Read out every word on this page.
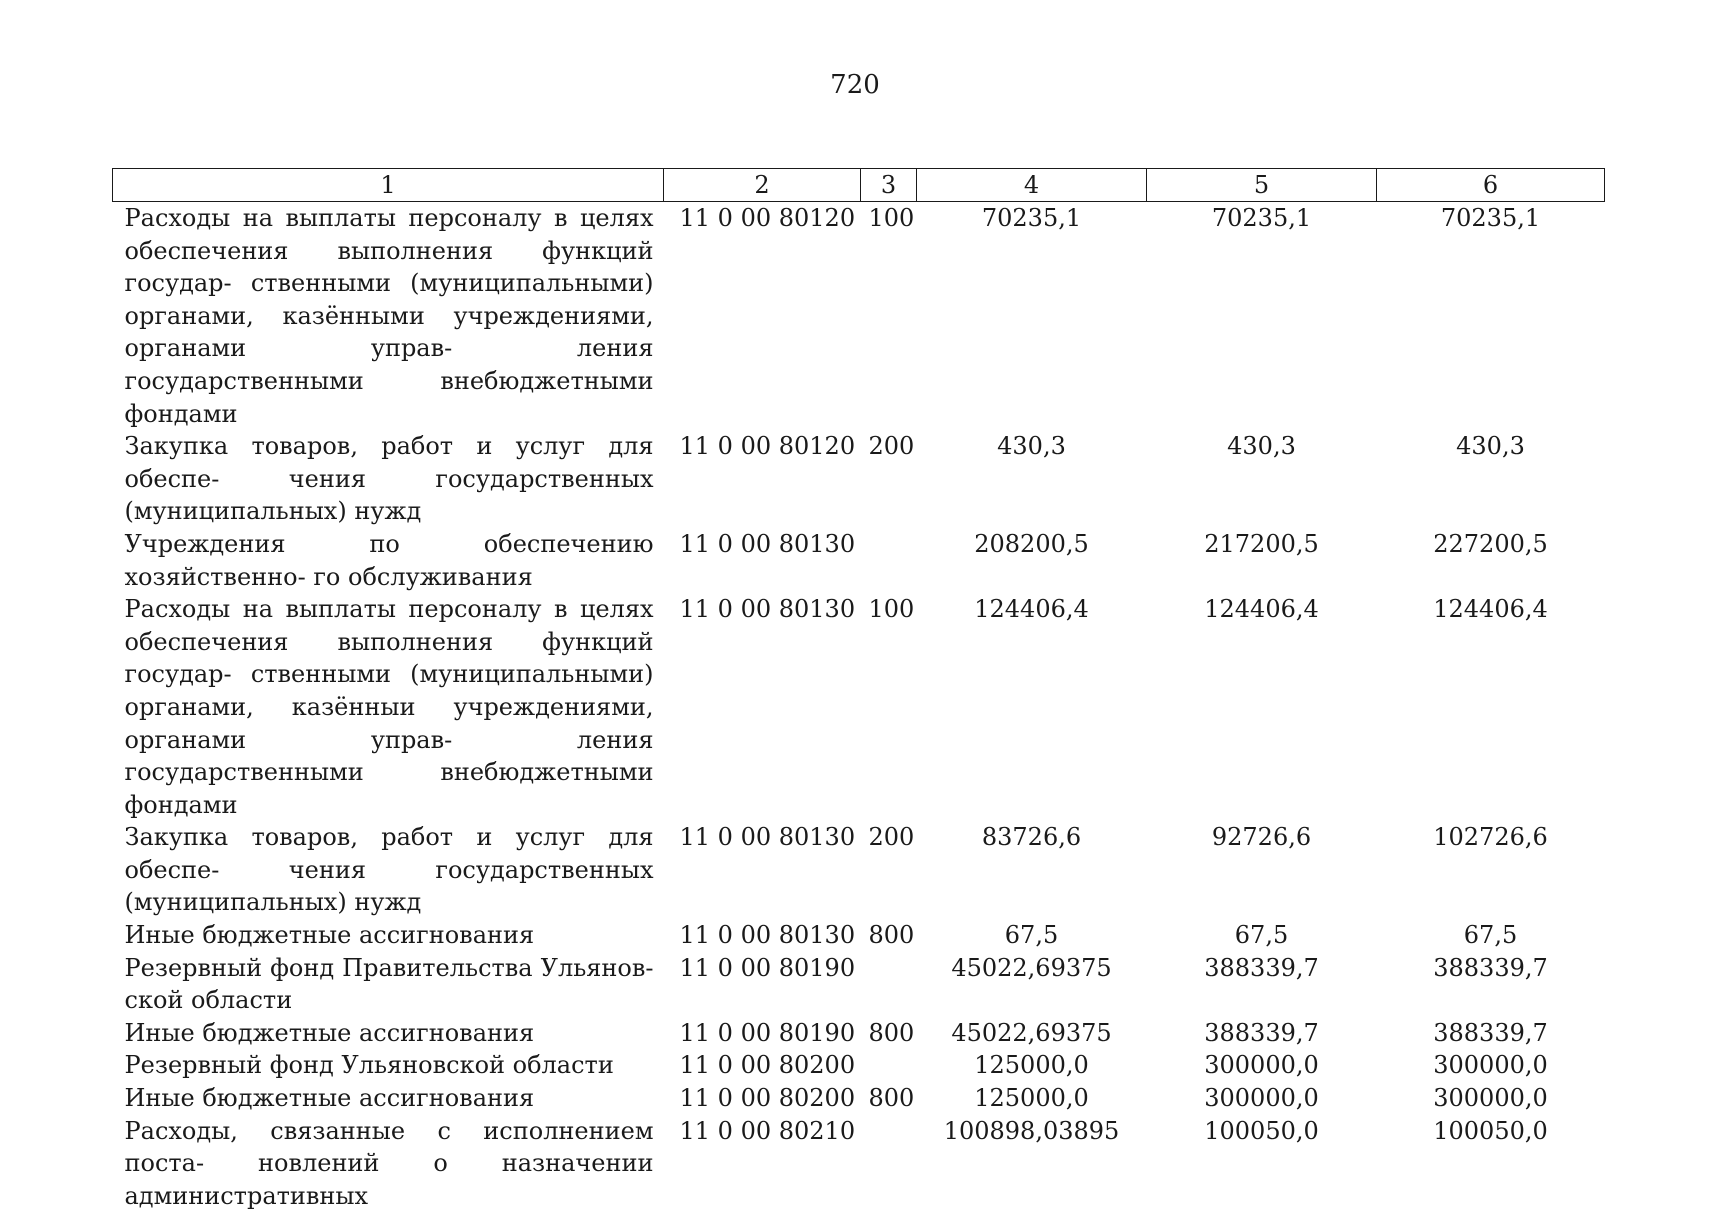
720
1	2	3	4	5	6
Расходы на выплаты персоналу в целях обеспечения выполнения функций государ- ственными (муниципальными) органами, казёнными учреждениями, органами управ- ления государственными внебюджетными фондами	11 0 00 80120	100	70235,1	70235,1	70235,1
Закупка товаров, работ и услуг для обеспе- чения государственных (муниципальных) нужд	11 0 00 80120	200	430,3	430,3	430,3
Учреждения по обеспечению хозяйственно- го обслуживания	11 0 00 80130		208200,5	217200,5	227200,5
Расходы на выплаты персоналу в целях обеспечения выполнения функций государ- ственными (муниципальными) органами, казённыи учреждениями, органами управ- ления государственными внебюджетными фондами	11 0 00 80130	100	124406,4	124406,4	124406,4
Закупка товаров, работ и услуг для обеспе- чения государственных (муниципальных) нужд	11 0 00 80130	200	83726,6	92726,6	102726,6
Иные бюджетные ассигнования	11 0 00 80130	800	67,5	67,5	67,5
Резервный фонд Правительства Ульянов- ской области	11 0 00 80190		45022,69375	388339,7	388339,7
Иные бюджетные ассигнования	11 0 00 80190	800	45022,69375	388339,7	388339,7
Резервный фонд Ульяновской области	11 0 00 80200		125000,0	300000,0	300000,0
Иные бюджетные ассигнования	11 0 00 80200	800	125000,0	300000,0	300000,0
Расходы, связанные с исполнением поста- новлений о назначении административных	11 0 00 80210		100898,03895	100050,0	100050,0
